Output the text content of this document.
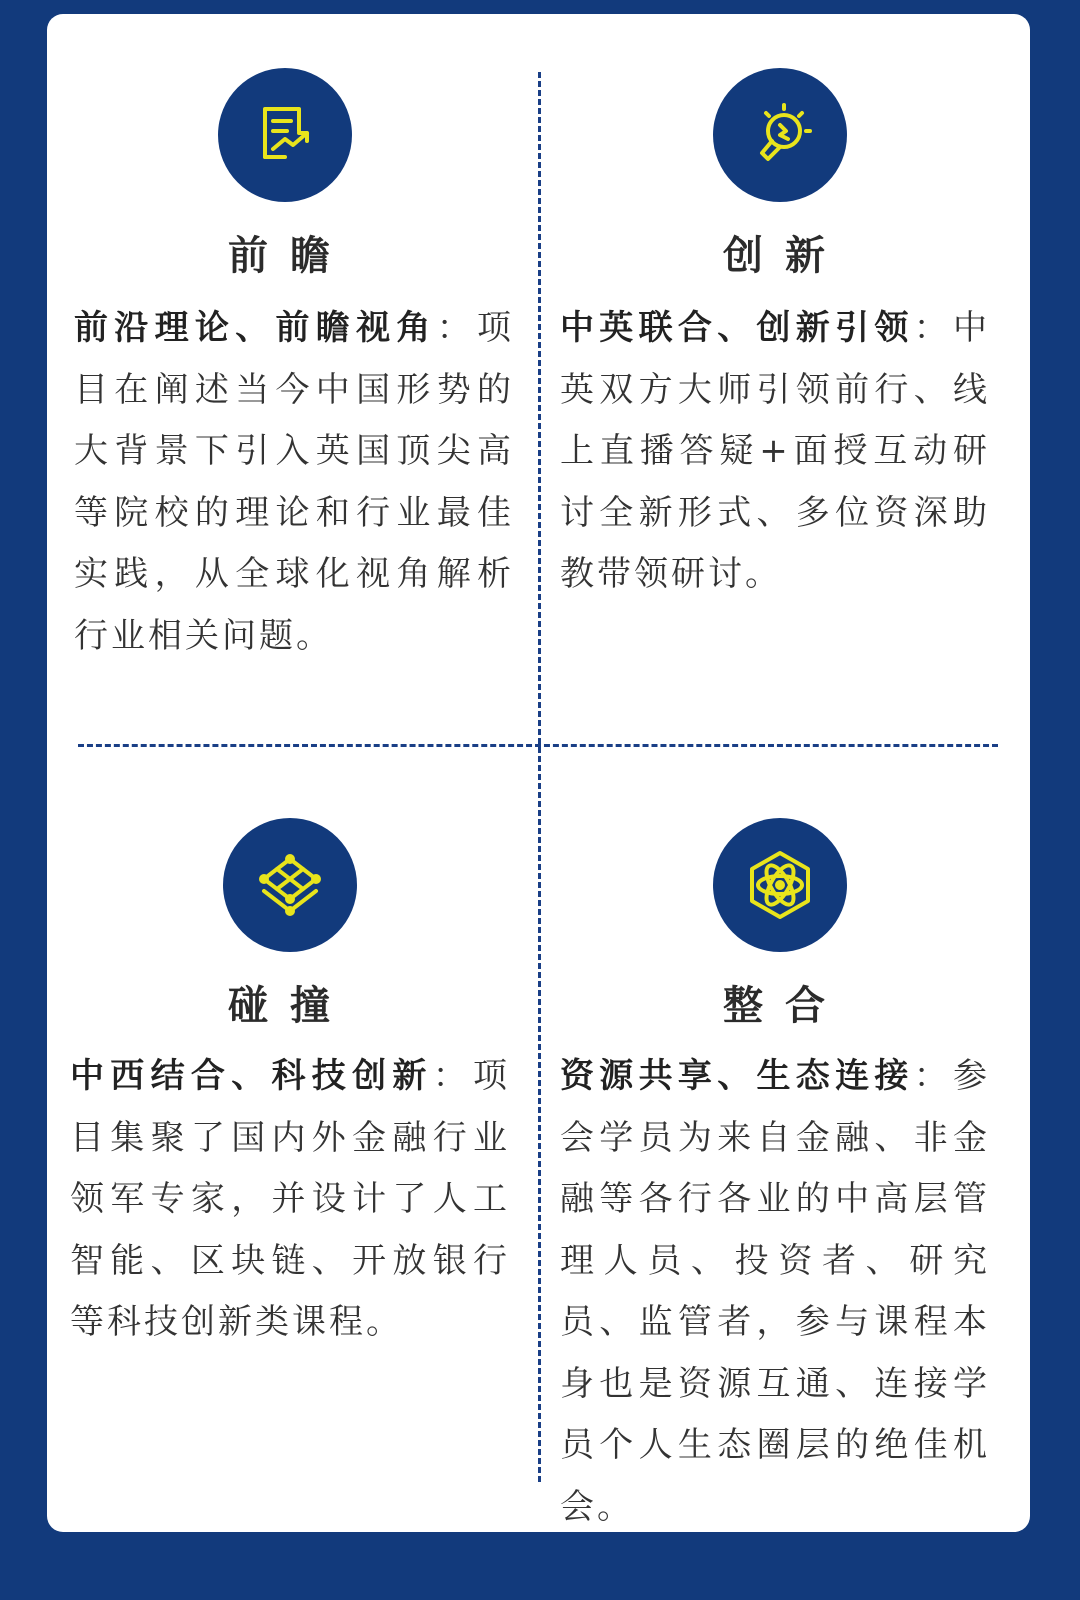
前瞻

前沿理论、前瞻视角：项目在阐述当今中国形势的大背景下引入英国顶尖高等院校的理论和行业最佳实践，从全球化视角解析行业相关问题。

创新

中英联合、创新引领：中英双方大师引领前行、线上直播答疑+面授互动研讨全新形式、多位资深助教带领研讨。

碰撞

中西结合、科技创新：项目集聚了国内外金融行业领军专家，并设计了人工智能、区块链、开放银行等科技创新类课程。

整合

资源共享、生态连接：参会学员为来自金融、非金融等各行各业的中高层管理人员、投资者、研究员、监管者，参与课程本身也是资源互通、连接学员个人生态圈层的绝佳机会。
